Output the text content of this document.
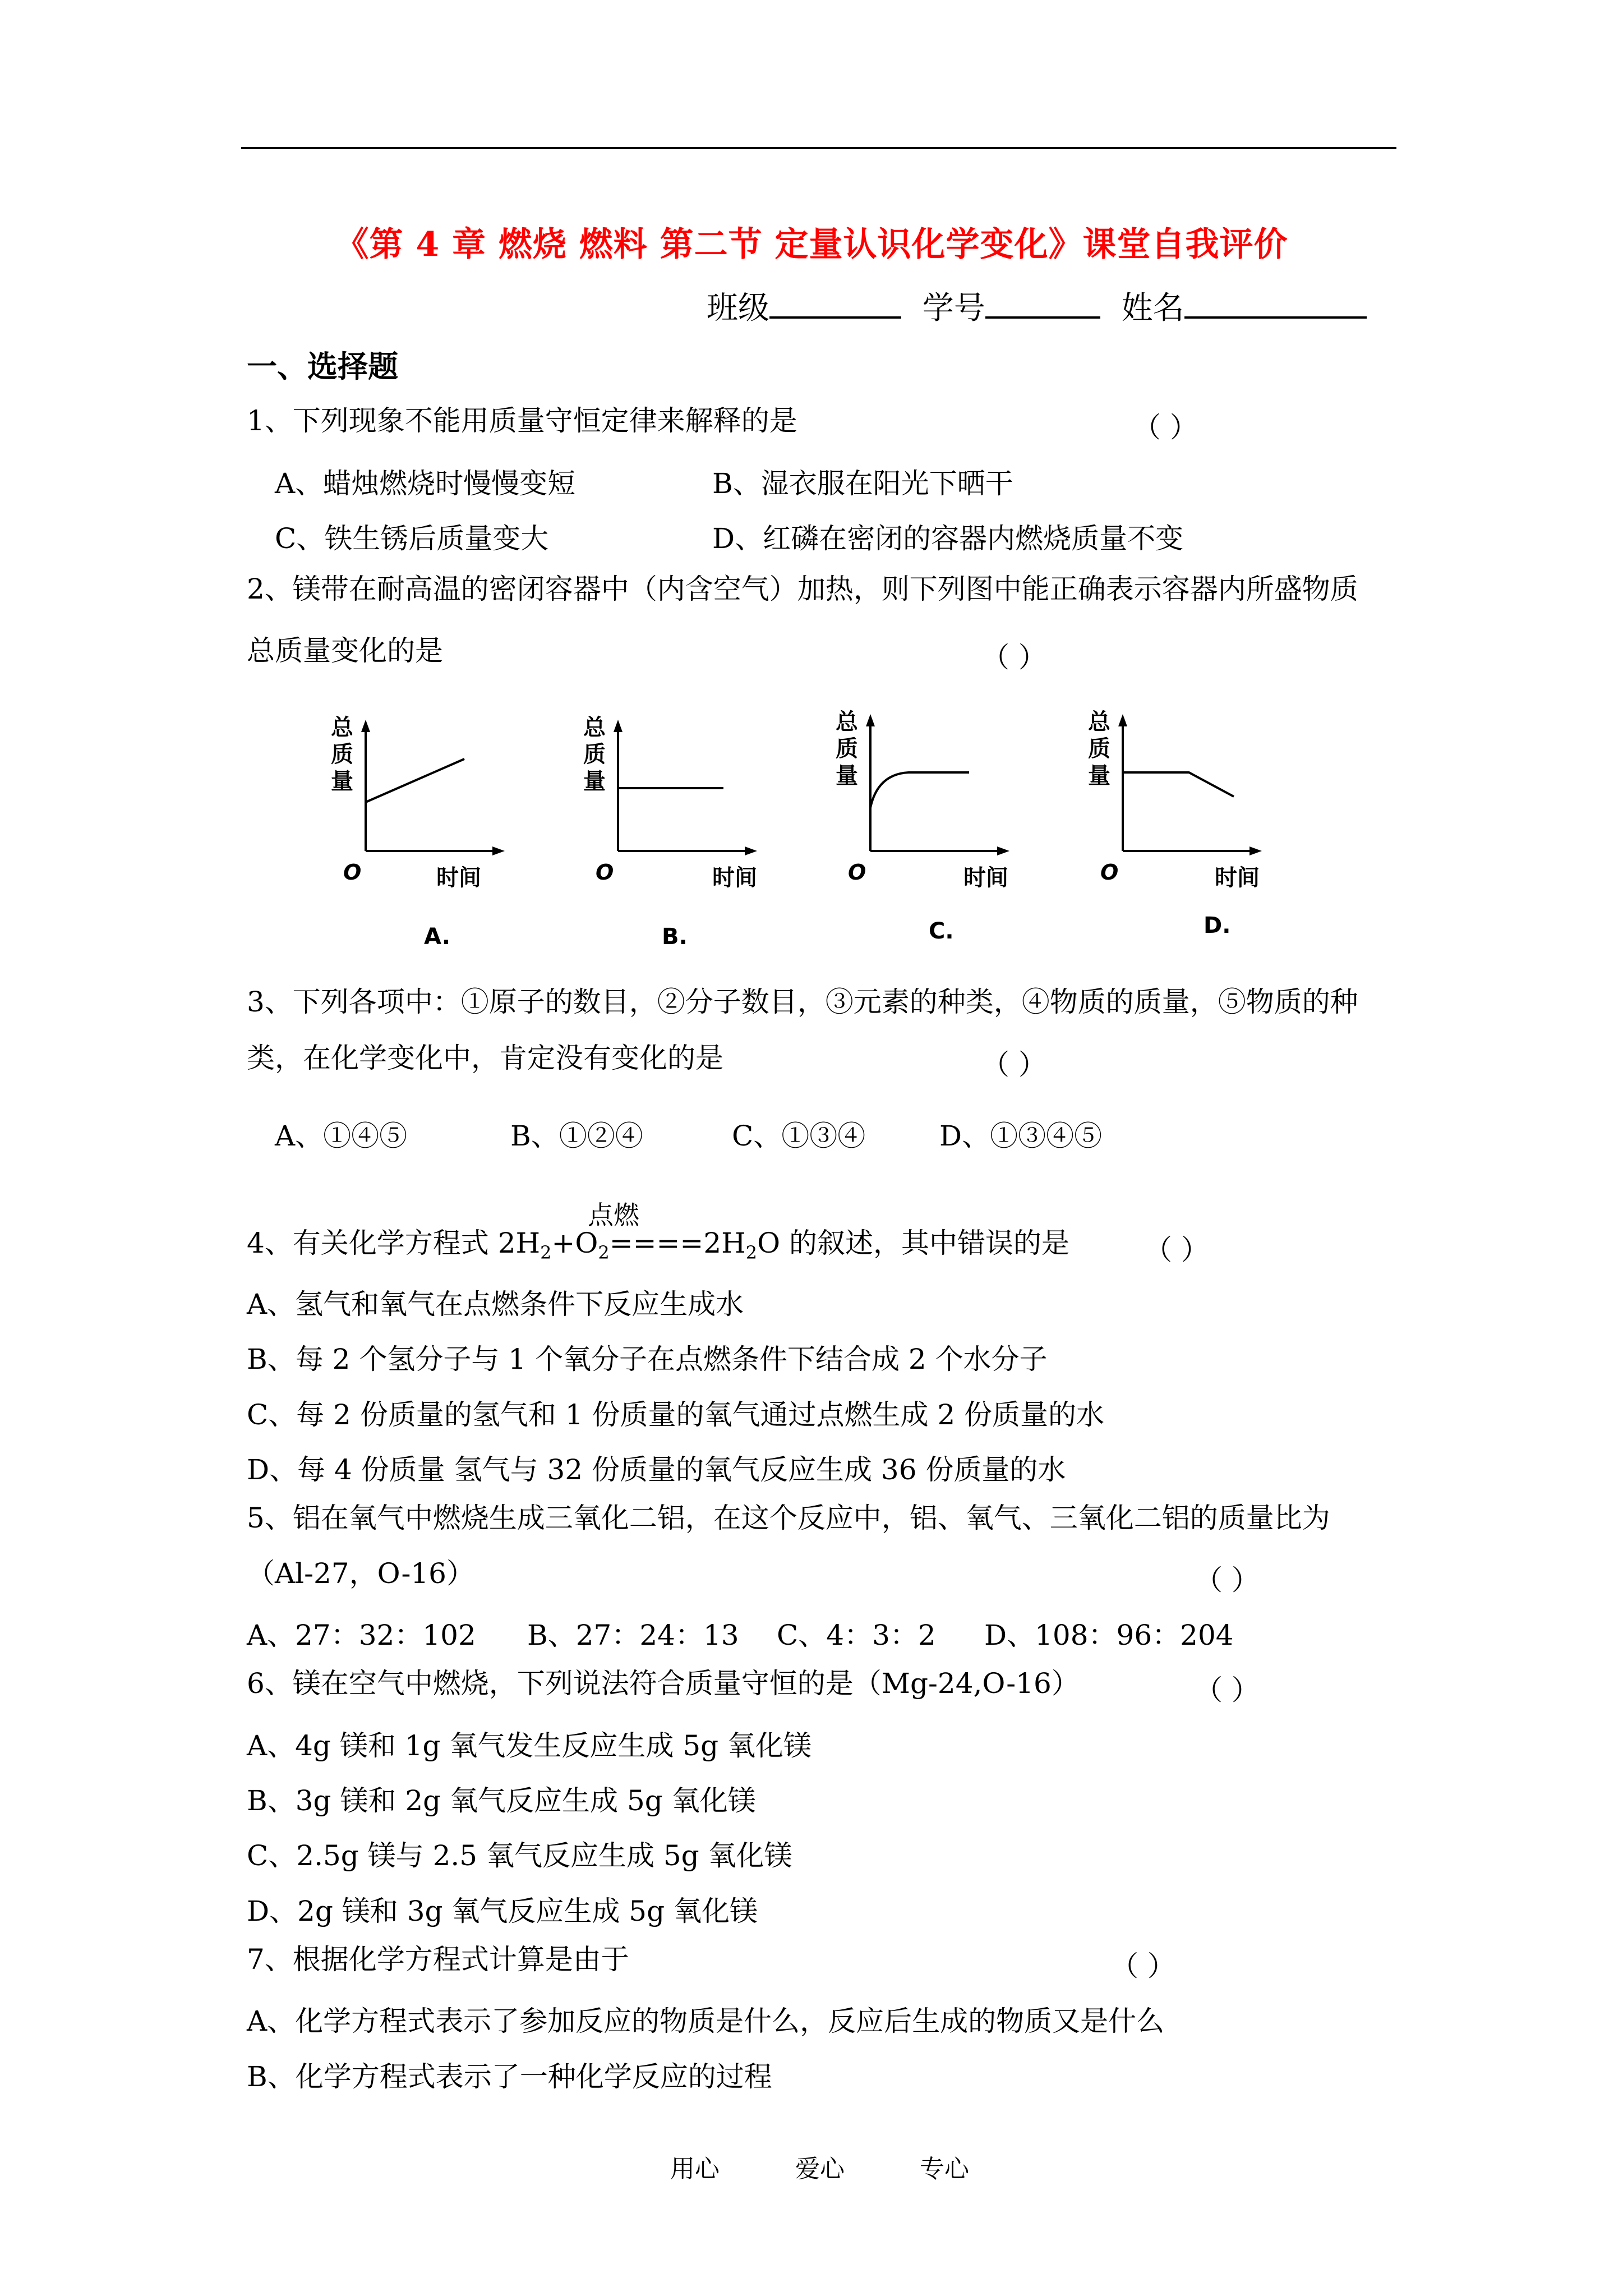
《第 4 章 燃烧 燃料 第二节 定量认识化学变化》课堂自我评价
班级	学号	姓名
一、选择题
1、下列现象不能用质量守恒定律来解释的是	（ ）
A、蜡烛燃烧时慢慢变短	B、湿衣服在阳光下晒干
C、铁生锈后质量变大	D、红磷在密闭的容器内燃烧质量不变
2、镁带在耐高温的密闭容器中（内含空气）加热，则下列图中能正确表示容器内所盛物质
总质量变化的是	（ ）
总
质
量
O	时间
A.
总
质
量
O	时间
B.
总
质
量
O	时间
C.
总
质
量
O	时间
D.
3、下列各项中：①原子的数目，②分子数目，③元素的种类，④物质的质量，⑤物质的种
类，在化学变化中，肯定没有变化的是	（ ）
A、①④⑤	B、①②④	C、①③④	D、①③④⑤
点燃
4、有关化学方程式 $2H_2+O_2====2H_2O$ 的叙述，其中错误的是	（ ）
A、氢气和氧气在点燃条件下反应生成水
B、每 2 个氢分子与 1 个氧分子在点燃条件下结合成 2 个水分子
C、每 2 份质量的氢气和 1 份质量的氧气通过点燃生成 2 份质量的水
D、每 4 份质量 氢气与 32 份质量的氧气反应生成 36 份质量的水
5、铝在氧气中燃烧生成三氧化二铝，在这个反应中，铝、氧气、三氧化二铝的质量比为
（Al-27，O-16）	（ ）
A、27：32：102 B、27：24：13 C、4：3：2 D、108：96：204
6、镁在空气中燃烧，下列说法符合质量守恒的是（Mg-24,O-16）	（ ）
A、4g 镁和 1g 氧气发生反应生成 5g 氧化镁
B、3g 镁和 2g 氧气反应生成 5g 氧化镁
C、2.5g 镁与 2.5 氧气反应生成 5g 氧化镁
D、2g 镁和 3g 氧气反应生成 5g 氧化镁
7、根据化学方程式计算是由于	（ ）
A、化学方程式表示了参加反应的物质是什么，反应后生成的物质又是什么
B、化学方程式表示了一种化学反应的过程
用心	爱心	专心
